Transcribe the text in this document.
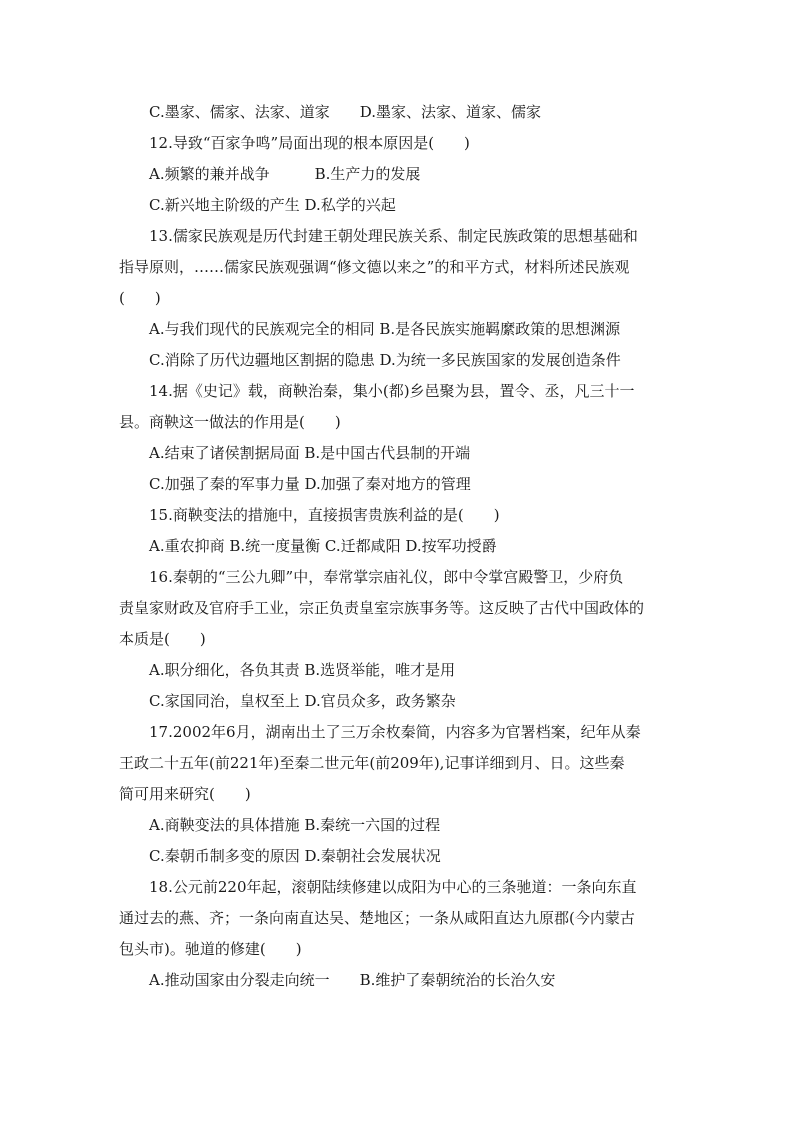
C.墨家、儒家、法家、道家　　D.墨家、法家、道家、儒家
12.导致“百家争鸣”局面出现的根本原因是(　　)
A.频繁的兼并战争　　　B.生产力的发展
C.新兴地主阶级的产生 D.私学的兴起
13.儒家民族观是历代封建王朝处理民族关系、制定民族政策的思想基础和
指导原则，……儒家民族观强调“修文德以来之”的和平方式，材料所述民族观
(　　)
A.与我们现代的民族观完全的相同 B.是各民族实施羁縻政策的思想渊源
C.消除了历代边疆地区割据的隐患 D.为统一多民族国家的发展创造条件
14.据《史记》载，商鞅治秦，集小(都)乡邑聚为县，置令、丞，凡三十一
县。商鞅这一做法的作用是(　　)
A.结束了诸侯割据局面 B.是中国古代县制的开端
C.加强了秦的军事力量 D.加强了秦对地方的管理
15.商鞅变法的措施中，直接损害贵族利益的是(　　)
A.重农抑商 B.统一度量衡 C.迁都咸阳 D.按军功授爵
16.秦朝的“三公九卿”中，奉常掌宗庙礼仪，郎中令掌宫殿警卫，少府负
责皇家财政及官府手工业，宗正负责皇室宗族事务等。这反映了古代中国政体的
本质是(　　)
A.职分细化，各负其责 B.选贤举能，唯才是用
C.家国同治，皇权至上 D.官员众多，政务繁杂
17.2002年6月，湖南出土了三万余枚秦简，内容多为官署档案，纪年从秦
王政二十五年(前221年)至秦二世元年(前209年),记事详细到月、日。这些秦
简可用来研究(　　)
A.商鞅变法的具体措施 B.秦统一六国的过程
C.秦朝币制多变的原因 D.秦朝社会发展状况
18.公元前220年起，滚朝陆续修建以成阳为中心的三条驰道：一条向东直
通过去的燕、齐；一条向南直达吴、楚地区；一条从咸阳直达九原郡(今内蒙古
包头市)。驰道的修建(　　)
A.推动国家由分裂走向统一　　B.维护了秦朝统治的长治久安
